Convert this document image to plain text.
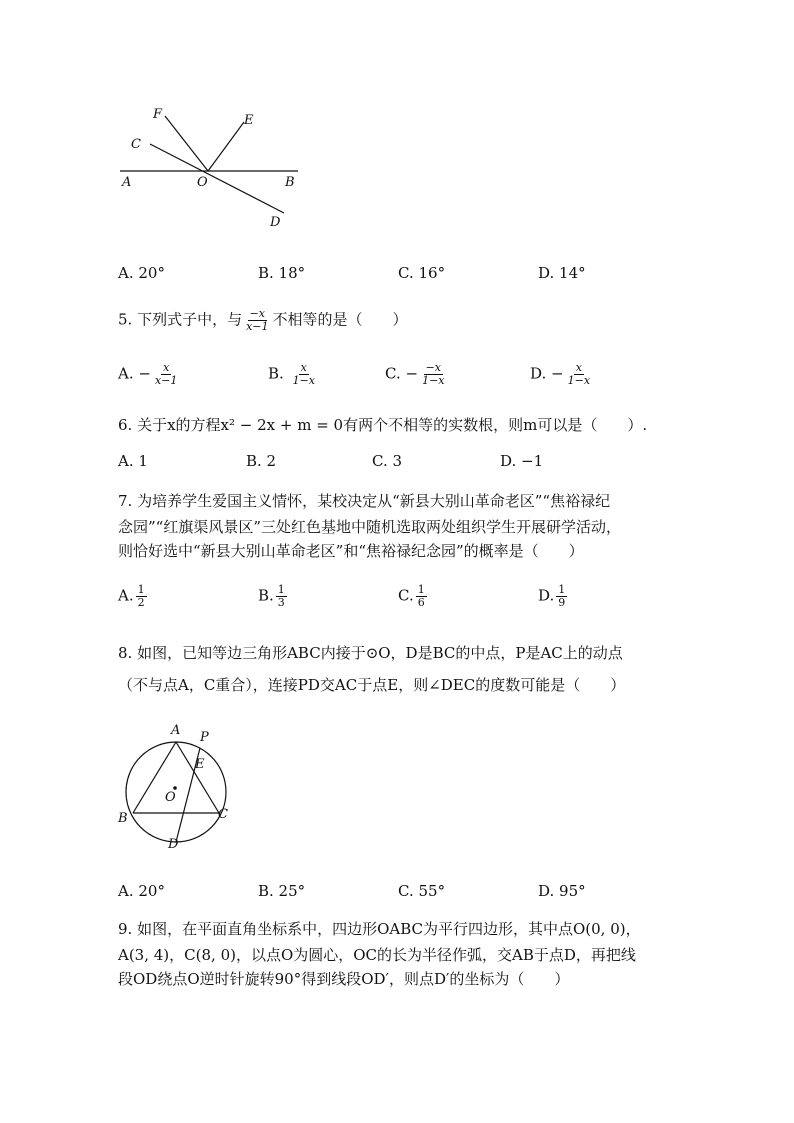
F	E
C
A	O	B
D
A. 20°	B. 18°	C. 16°	D. 14°
5. 下列式子中，与 $\frac{-x}{x-1}$ 不相等的是（　　）
A. − $\frac{x}{x-1}$	B. $\frac{x}{1-x}$	C. − $\frac{-x}{1-x}$	D. − $\frac{x}{1-x}$
6. 关于x的方程x² − 2x + m = 0有两个不相等的实数根，则m可以是（　　）.
A. 1	B. 2	C. 3	D. −1
7. 为培养学生爱国主义情怀，某校决定从“新县大别山革命老区”“焦裕禄纪
念园”“红旗渠风景区”三处红色基地中随机选取两处组织学生开展研学活动，
则恰好选中“新县大别山革命老区”和“焦裕禄纪念园”的概率是（　　）
A. $\frac{1}{2}$	B. $\frac{1}{3}$	C. $\frac{1}{6}$	D. $\frac{1}{9}$
8. 如图，已知等边三角形ABC内接于⊙O，D是BC的中点，P是AC上的动点
（不与点A，C重合），连接PD交AC于点E，则∠DEC的度数可能是（　　）
A P
E
O
B	C
D
A. 20°	B. 25°	C. 55°	D. 95°
9. 如图，在平面直角坐标系中，四边形OABC为平行四边形，其中点O(0, 0)，
A(3, 4)，C(8, 0)，以点O为圆心，OC的长为半径作弧，交AB于点D，再把线
段OD绕点O逆时针旋转90°得到线段OD′，则点D′的坐标为（　　）
